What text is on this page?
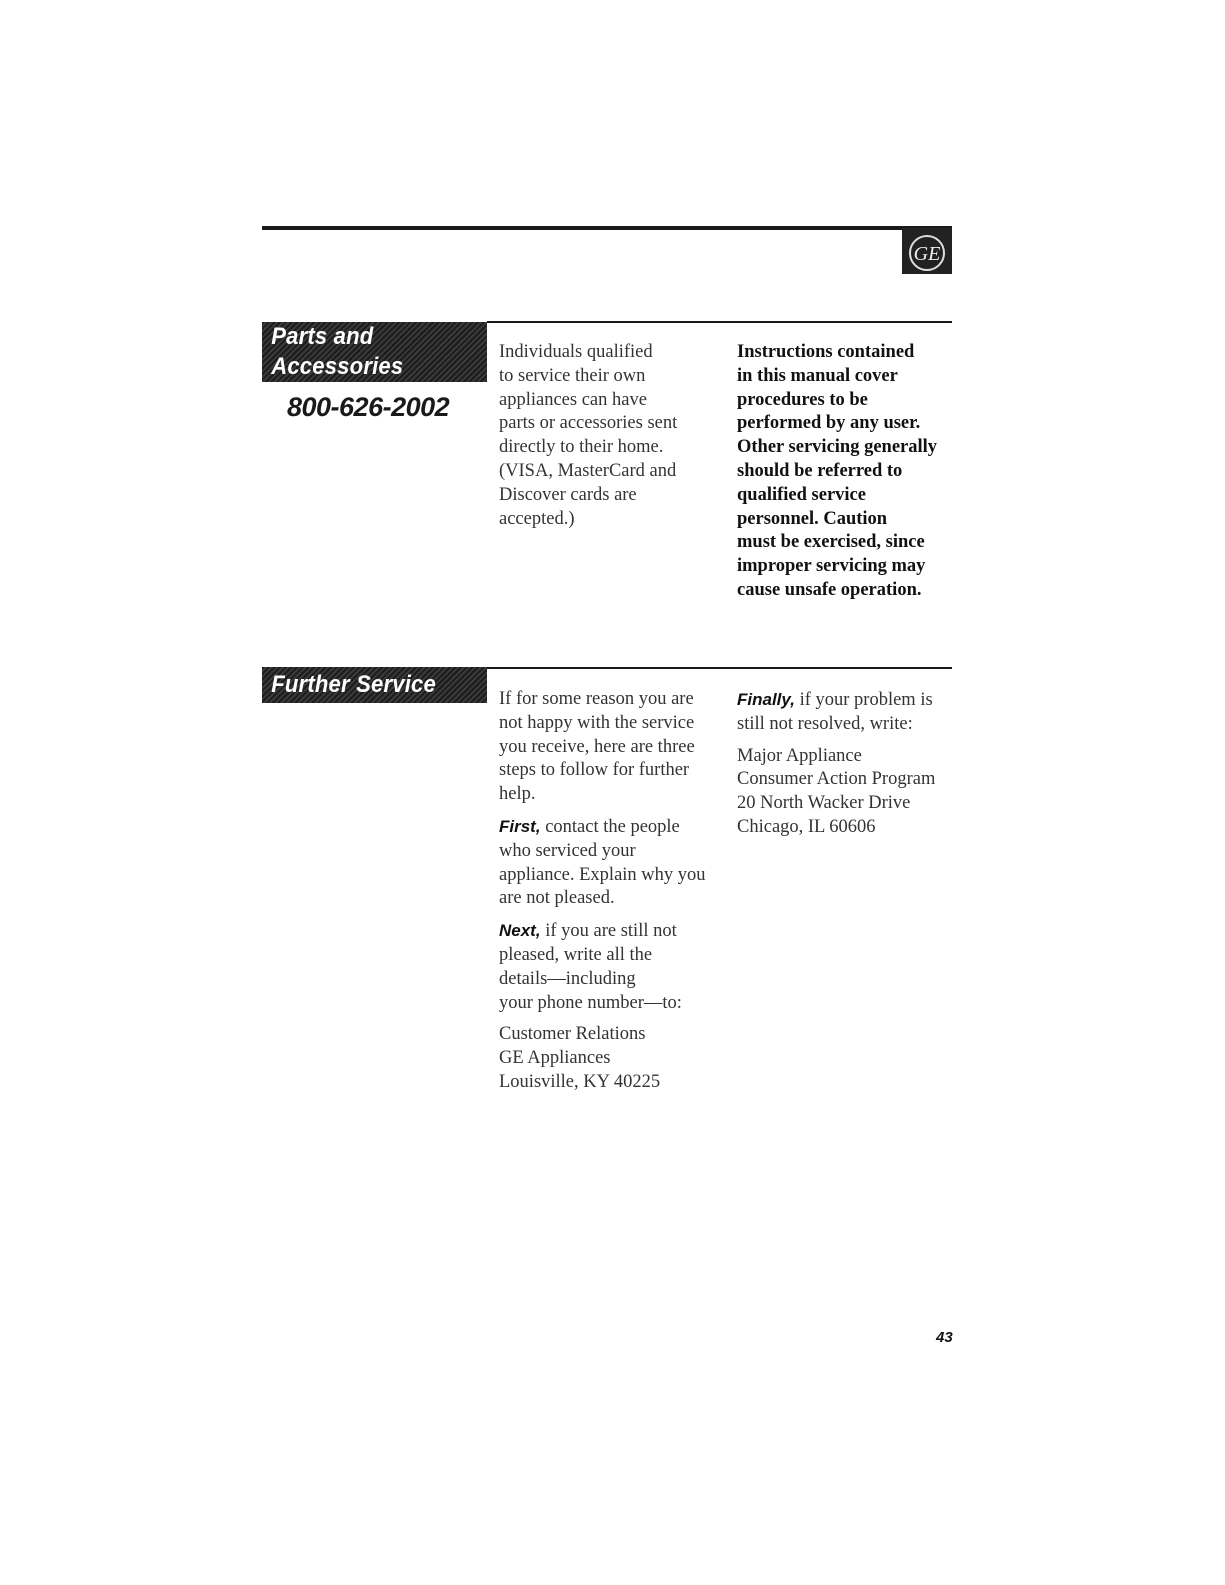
GE
Parts and
Accessories
800-626-2002
Individuals qualified
to service their own
appliances can have
parts or accessories sent
directly to their home.
(VISA, MasterCard and
Discover cards are
accepted.)
Instructions contained
in this manual cover
procedures to be
performed by any user.
Other servicing generally
should be referred to
qualified service
personnel. Caution
must be exercised, since
improper servicing may
cause unsafe operation.
Further Service

If for some reason you are
not happy with the service
you receive, here are three
steps to follow for further
help.

First, contact the people
who serviced your
appliance. Explain why you
are not pleased.

Next, if you are still not
pleased, write all the
details—including
your phone number—to:

Customer Relations
GE Appliances
Louisville, KY 40225

Finally, if your problem is
still not resolved, write:

Major Appliance
Consumer Action Program
20 North Wacker Drive
Chicago, IL 60606

43
